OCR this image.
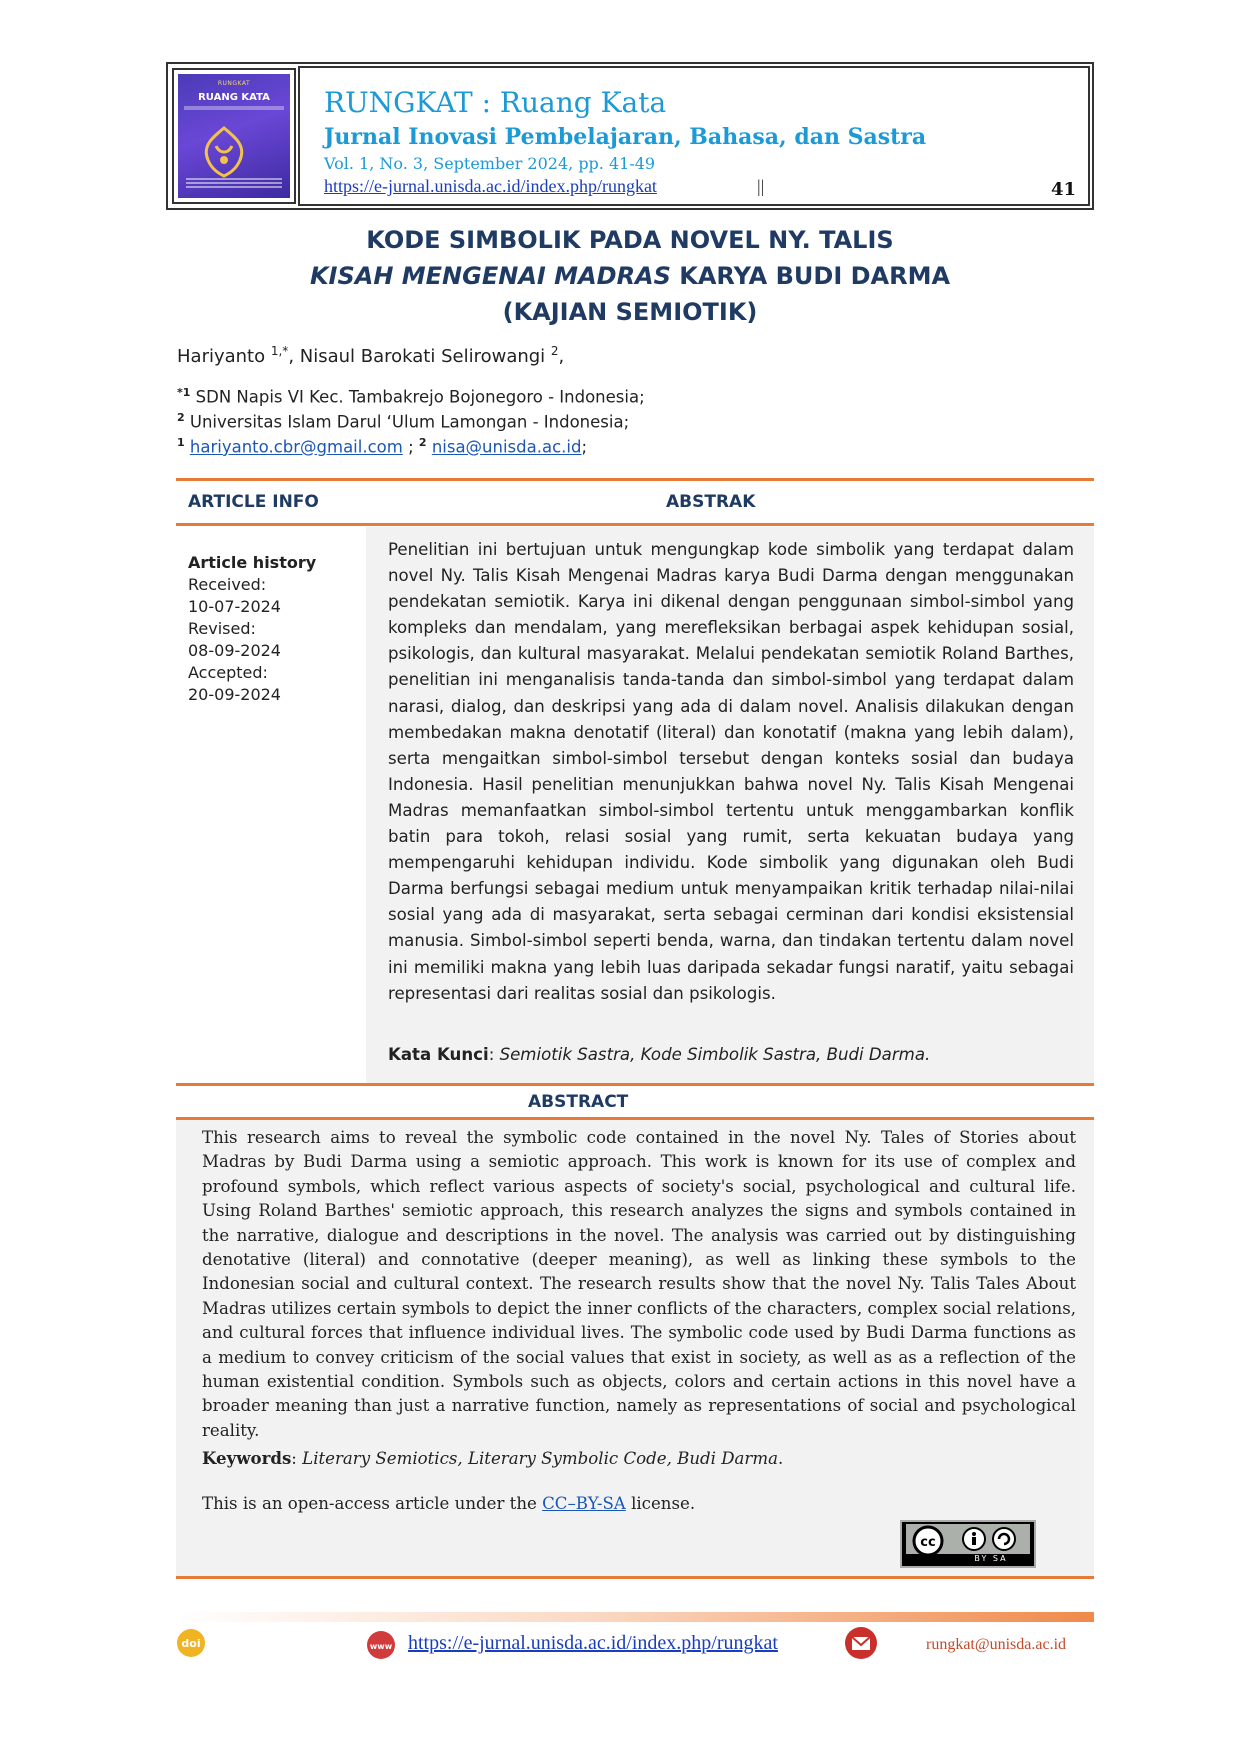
RUNGKAT
RUANG KATA	RUNGKAT : Ruang Kata
Jurnal Inovasi Pembelajaran, Bahasa, dan Sastra
Vol. 1, No. 3, September 2024, pp. 41-49
https://e-jurnal.unisda.ac.id/index.php/rungkat	||	41
KODE SIMBOLIK PADA NOVEL NY. TALIS
KISAH MENGENAI MADRAS KARYA BUDI DARMA
(KAJIAN SEMIOTIK)
Hariyanto $^{1,*}$, Nisaul Barokati Selirowangi $^2$,
$^{*1}$ SDN Napis VI Kec. Tambakrejo Bojonegoro - Indonesia;
$^2$ Universitas Islam Darul ‘Ulum Lamongan - Indonesia;
$^1$ hariyanto.cbr@gmail.com ; $^2$ nisa@unisda.ac.id;
ARTICLE INFO	ABSTRAK
Article history
Received:
10-07-2024
Revised:
08-09-2024
Accepted:
20-09-2024

Penelitian ini bertujuan untuk mengungkap kode simbolik yang terdapat dalam novel Ny. Talis Kisah Mengenai Madras karya Budi Darma dengan menggunakan pendekatan semiotik. Karya ini dikenal dengan penggunaan simbol-simbol yang kompleks dan mendalam, yang merefleksikan berbagai aspek kehidupan sosial, psikologis, dan kultural masyarakat. Melalui pendekatan semiotik Roland Barthes, penelitian ini menganalisis tanda-tanda dan simbol-simbol yang terdapat dalam narasi, dialog, dan deskripsi yang ada di dalam novel. Analisis dilakukan dengan membedakan makna denotatif (literal) dan konotatif (makna yang lebih dalam), serta mengaitkan simbol-simbol tersebut dengan konteks sosial dan budaya Indonesia. Hasil penelitian menunjukkan bahwa novel Ny. Talis Kisah Mengenai Madras memanfaatkan simbol-simbol tertentu untuk menggambarkan konflik batin para tokoh, relasi sosial yang rumit, serta kekuatan budaya yang mempengaruhi kehidupan individu. Kode simbolik yang digunakan oleh Budi Darma berfungsi sebagai medium untuk menyampaikan kritik terhadap nilai-nilai sosial yang ada di masyarakat, serta sebagai cerminan dari kondisi eksistensial manusia. Simbol-simbol seperti benda, warna, dan tindakan tertentu dalam novel ini memiliki makna yang lebih luas daripada sekadar fungsi naratif, yaitu sebagai representasi dari realitas sosial dan psikologis.

Kata Kunci: Semiotik Sastra, Kode Simbolik Sastra, Budi Darma.
ABSTRACT

This research aims to reveal the symbolic code contained in the novel Ny. Tales of Stories about Madras by Budi Darma using a semiotic approach. This work is known for its use of complex and profound symbols, which reflect various aspects of society's social, psychological and cultural life. Using Roland Barthes' semiotic approach, this research analyzes the signs and symbols contained in the narrative, dialogue and descriptions in the novel. The analysis was carried out by distinguishing denotative (literal) and connotative (deeper meaning), as well as linking these symbols to the Indonesian social and cultural context. The research results show that the novel Ny. Talis Tales About Madras utilizes certain symbols to depict the inner conflicts of the characters, complex social relations, and cultural forces that influence individual lives. The symbolic code used by Budi Darma functions as a medium to convey criticism of the social values that exist in society, as well as as a reflection of the human existential condition. Symbols such as objects, colors and certain actions in this novel have a broader meaning than just a narrative function, namely as representations of social and psychological reality.

Keywords: Literary Semiotics, Literary Symbolic Code, Budi Darma.
This is an open-access article under the CC–BY-SA license.
cc
BY SA
doi	www https://e-jurnal.unisda.ac.id/index.php/rungkat	rungkat@unisda.ac.id
